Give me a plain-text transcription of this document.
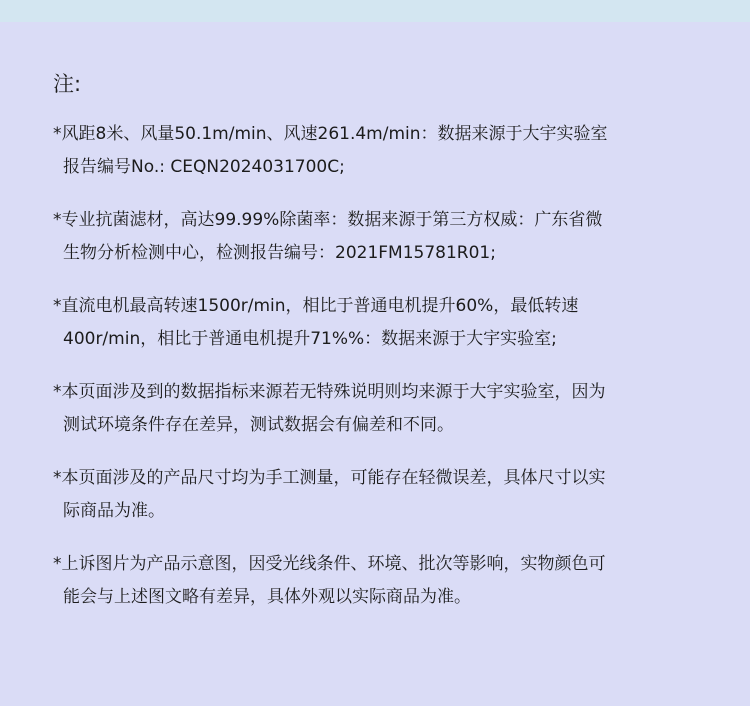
注:
*风距8米、风量50.1m/min、风速261.4m/min：数据来源于大宇实验室
报告编号No.: CEQN2024031700C;
*专业抗菌滤材，高达99.99%除菌率：数据来源于第三方权威：广东省微
生物分析检测中心，检测报告编号：2021FM15781R01;
*直流电机最高转速1500r/min，相比于普通电机提升60%，最低转速
400r/min，相比于普通电机提升71%%：数据来源于大宇实验室;
*本页面涉及到的数据指标来源若无特殊说明则均来源于大宇实验室，因为
测试环境条件存在差异，测试数据会有偏差和不同。
*本页面涉及的产品尺寸均为手工测量，可能存在轻微误差，具体尺寸以实
际商品为准。
*上诉图片为产品示意图，因受光线条件、环境、批次等影响，实物颜色可
能会与上述图文略有差异，具体外观以实际商品为准。
